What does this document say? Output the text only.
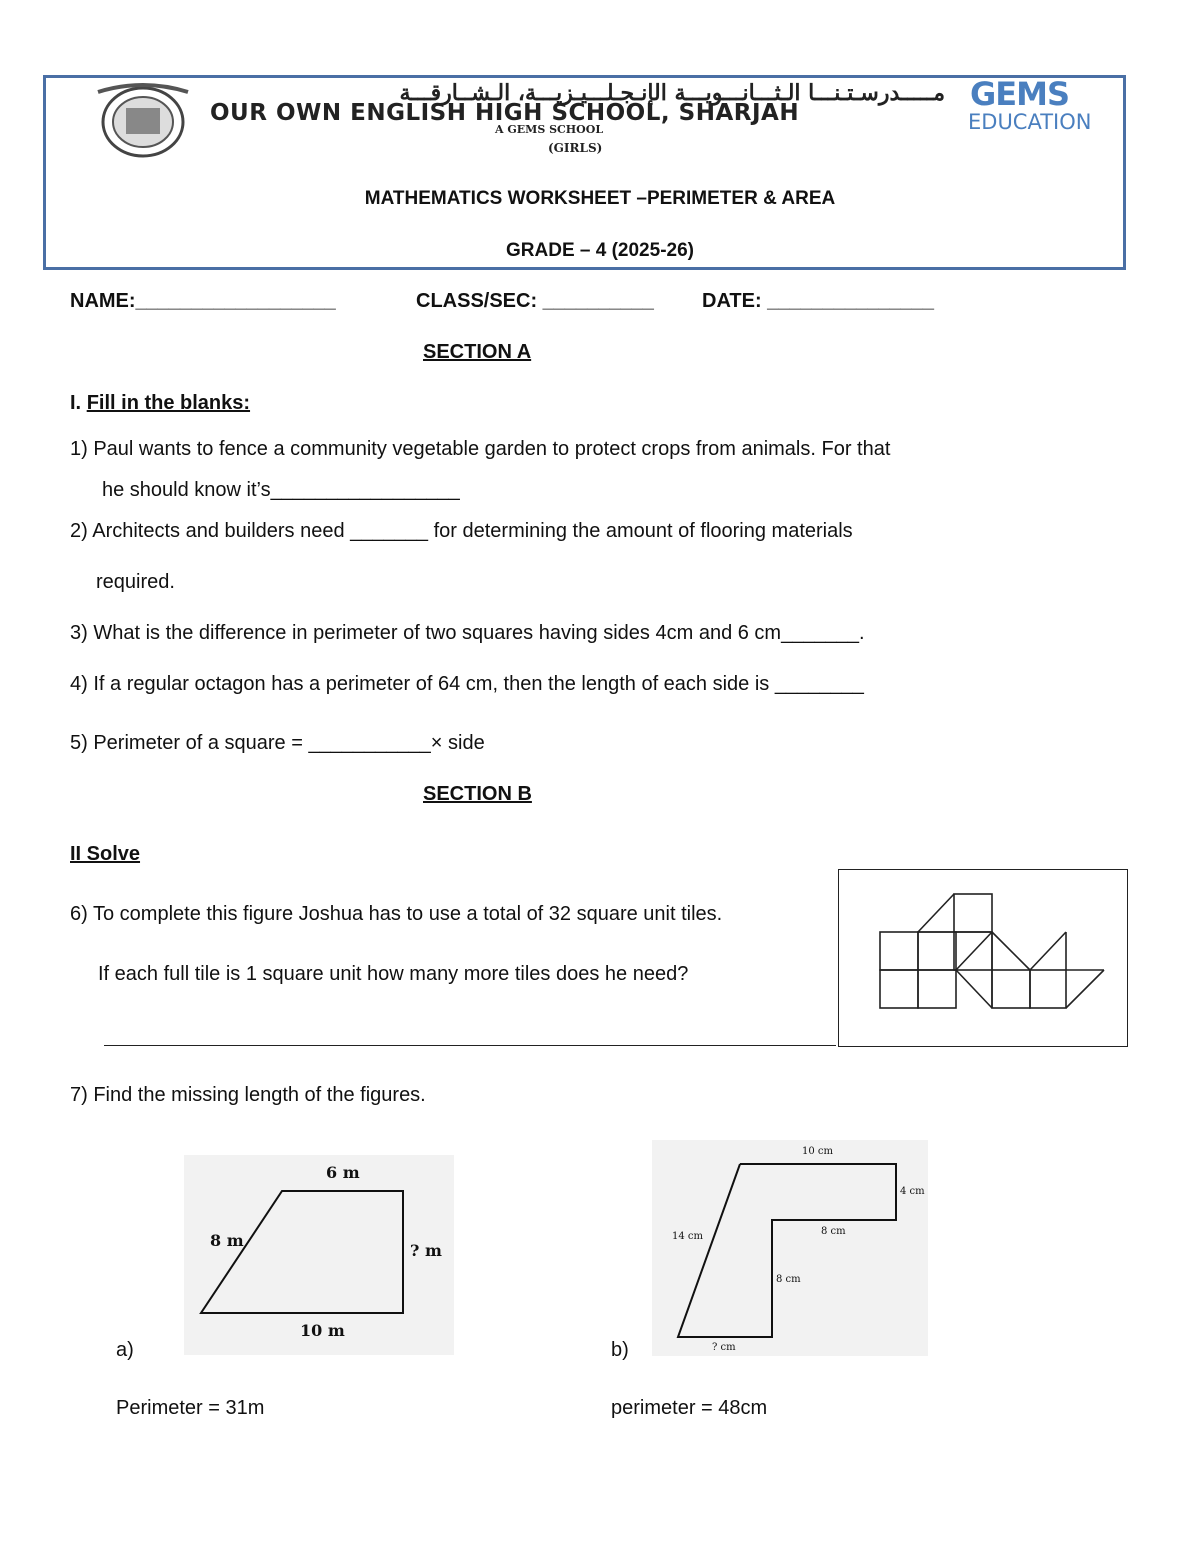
مـــــدرسـتـنـــا الـثـــانـــويـــة الإنـجـلـــيـزيـــة، الـشــارقـــة
OUR OWN ENGLISH HIGH SCHOOL, SHARJAH
A GEMS SCHOOL
(GIRLS)
GEMS
EDUCATION
MATHEMATICS WORKSHEET –PERIMETER & AREA
GRADE – 4 (2025-26)
NAME:__________________	CLASS/SEC: __________ DATE: _______________
SECTION A
I. Fill in the blanks:
1) Paul wants to fence a community vegetable garden to protect crops from animals. For that
he should know it’s_________________
2) Architects and builders need _______ for determining the amount of flooring materials
required.
3) What is the difference in perimeter of two squares having sides 4cm and 6 cm_______.
4) If a regular octagon has a perimeter of 64 cm, then the length of each side is ________
5) Perimeter of a square = ___________× side
SECTION B
II Solve
6) To complete this figure Joshua has to use a total of 32 square unit tiles.
If each full tile is 1 square unit how many more tiles does he need?
7) Find the missing length of the figures.
6 m
8 m
? m
10 m
a)
Perimeter = 31m
10 cm
4 cm
8 cm
8 cm
14 cm
? cm
b)
perimeter = 48cm
